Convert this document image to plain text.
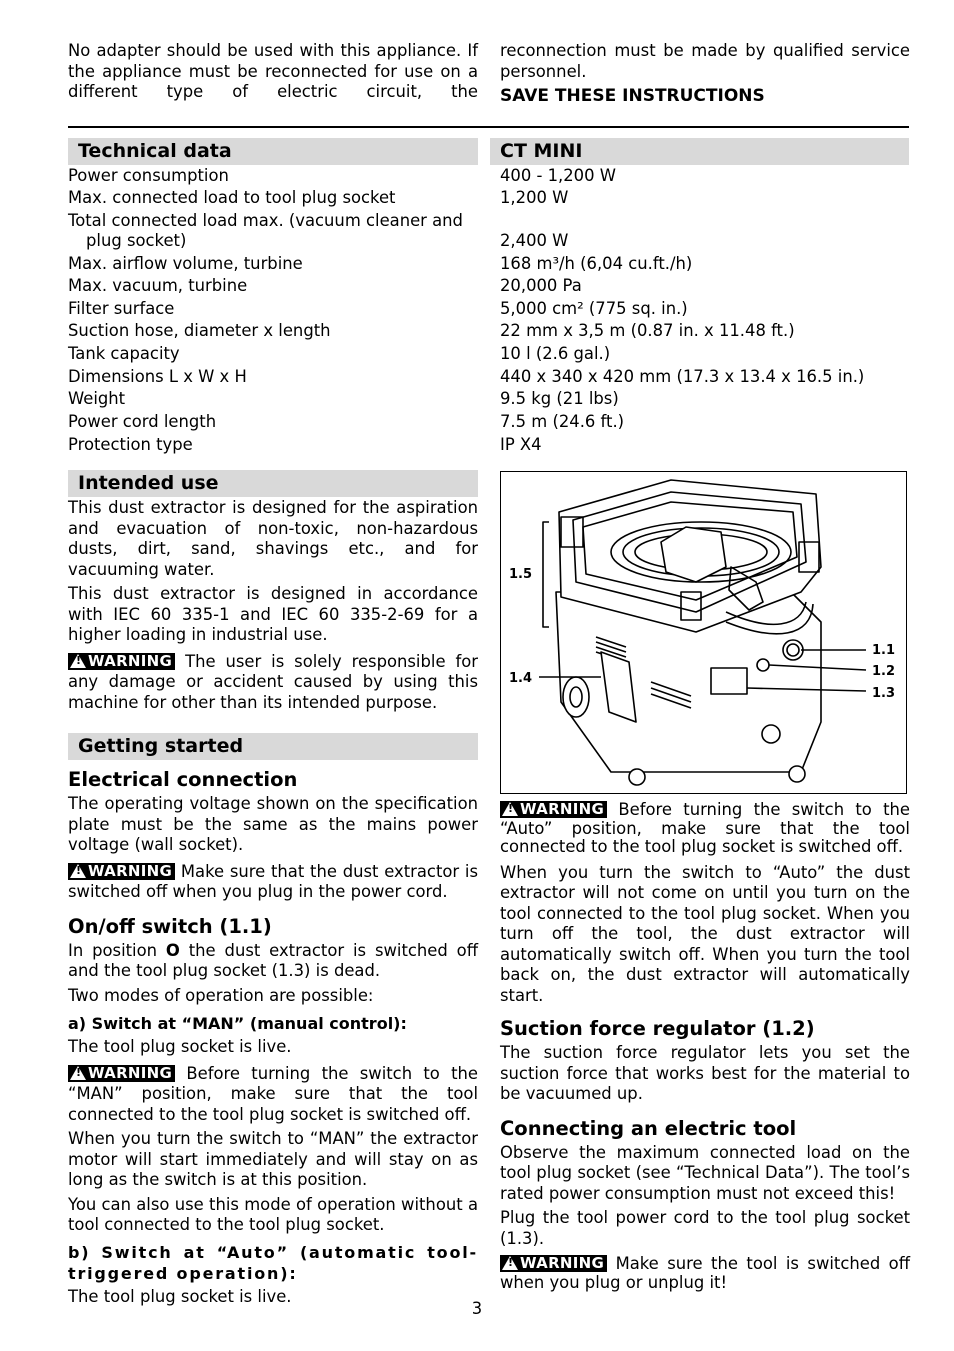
No adapter should be used with this appliance. If the appliance must be reconnected for use on a different type of electric circuit, the

reconnection must be made by qualified service personnel.

SAVE THESE INSTRUCTIONS
Technical data	CT MINI
Power consumption	400 - 1,200 W
Max. connected load to tool plug socket	1,200 W
Total connected load max. (vacuum cleaner and
plug socket)	2,400 W
Max. airflow volume, turbine	168 m³/h (6,04 cu.ft./h)
Max. vacuum, turbine	20,000 Pa
Filter surface	5,000 cm² (775 sq. in.)
Suction hose, diameter x length	22 mm x 3,5 m (0.87 in. x 11.48 ft.)
Tank capacity	10 l (2.6 gal.)
Dimensions L x W x H	440 x 340 x 420 mm (17.3 x 13.4 x 16.5 in.)
Weight	9.5 kg (21 lbs)
Power cord length	7.5 m (24.6 ft.)
Protection type	IP X4
Intended use

This dust extractor is designed for the aspiration and evacuation of non-toxic, non-hazardous dusts, dirt, sand, shavings etc., and for vacuuming water.

This dust extractor is designed in accordance with IEC 60 335-1 and IEC 60 335-2-69 for a higher loading in industrial use.

!WARNING The user is solely responsible for any damage or accident caused by using this machine for other than its intended purpose.

Getting started
Electrical connection

The operating voltage shown on the specification plate must be the same as the mains power voltage (wall socket).

!WARNING Make sure that the dust extractor is switched off when you plug in the power cord.

On/off switch (1.1)

In position O the dust extractor is switched off and the tool plug socket (1.3) is dead.

Two modes of operation are possible:

a) Switch at “MAN” (manual control):

The tool plug socket is live.

!WARNING Before turning the switch to the “MAN” position, make sure that the tool connected to the tool plug socket is switched off.

When you turn the switch to “MAN” the extractor motor will start immediately and will stay on as long as the switch is at this position.

You can also use this mode of operation without a tool connected to the tool plug socket.

b) Switch at “Auto” (automatic tool-triggered operation):

The tool plug socket is live.

1.5
1.4
1.1
1.2
1.3

!WARNING Before turning the switch to the “Auto” position, make sure that the tool connected to the tool plug socket is switched off.

When you turn the switch to “Auto” the dust extractor will not come on until you turn on the tool connected to the tool plug socket. When you turn off the tool, the dust extractor will automatically switch off. When you turn the tool back on, the dust extractor will automatically start.

Suction force regulator (1.2)

The suction force regulator lets you set the suction force that works best for the material to be vacuumed up.

Connecting an electric tool

Observe the maximum connected load on the tool plug socket (see “Technical Data”). The tool’s rated power consumption must not exceed this!

Plug the tool power cord to the tool plug socket (1.3).

!WARNING Make sure the tool is switched off when you plug or unplug it!

3
